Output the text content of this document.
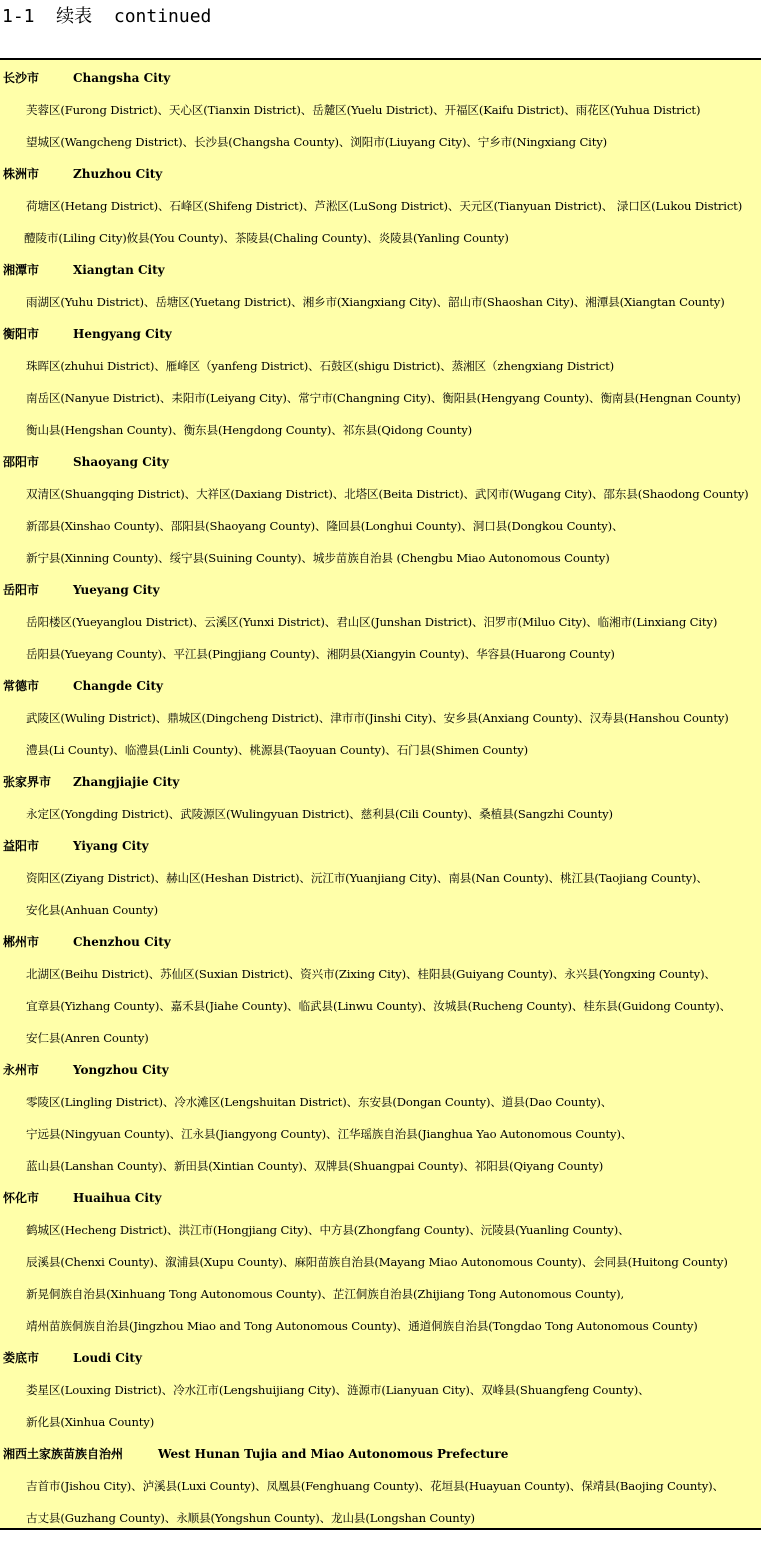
1-1  续表  continued
长沙市	Changsha City
芙蓉区(Furong District)、天心区(Tianxin District)、岳麓区(Yuelu District)、开福区(Kaifu District)、雨花区(Yuhua District)
望城区(Wangcheng District)、长沙县(Changsha County)、浏阳市(Liuyang City)、宁乡市(Ningxiang City)
株洲市	Zhuzhou City
荷塘区(Hetang District)、石峰区(Shifeng District)、芦淞区(LuSong District)、天元区(Tianyuan District)、 渌口区(Lukou District)
醴陵市(Liling City)攸县(You County)、茶陵县(Chaling County)、炎陵县(Yanling County)
湘潭市	Xiangtan City
雨湖区(Yuhu District)、岳塘区(Yuetang District)、湘乡市(Xiangxiang City)、韶山市(Shaoshan City)、湘潭县(Xiangtan County)
衡阳市	Hengyang City
珠晖区(zhuhui District)、雁峰区（yanfeng District)、石鼓区(shigu District)、蒸湘区（zhengxiang District)
南岳区(Nanyue District)、耒阳市(Leiyang City)、常宁市(Changning City)、衡阳县(Hengyang County)、衡南县(Hengnan County)
衡山县(Hengshan County)、衡东县(Hengdong County)、祁东县(Qidong County)
邵阳市	Shaoyang City
双清区(Shuangqing District)、大祥区(Daxiang District)、北塔区(Beita District)、武冈市(Wugang City)、邵东县(Shaodong County)
新邵县(Xinshao County)、邵阳县(Shaoyang County)、隆回县(Longhui County)、洞口县(Dongkou County)、
新宁县(Xinning County)、绥宁县(Suining County)、城步苗族自治县 (Chengbu Miao Autonomous County)
岳阳市	Yueyang City
岳阳楼区(Yueyanglou District)、云溪区(Yunxi District)、君山区(Junshan District)、汨罗市(Miluo City)、临湘市(Linxiang City)
岳阳县(Yueyang County)、平江县(Pingjiang County)、湘阴县(Xiangyin County)、华容县(Huarong County)
常德市	Changde City
武陵区(Wuling District)、鼎城区(Dingcheng District)、津市市(Jinshi City)、安乡县(Anxiang County)、汉寿县(Hanshou County)
澧县(Li County)、临澧县(Linli County)、桃源县(Taoyuan County)、石门县(Shimen County)
张家界市 Zhangjiajie City
永定区(Yongding District)、武陵源区(Wulingyuan District)、慈利县(Cili County)、桑植县(Sangzhi County)
益阳市	Yiyang City
资阳区(Ziyang District)、赫山区(Heshan District)、沅江市(Yuanjiang City)、南县(Nan County)、桃江县(Taojiang County)、
安化县(Anhuan County)
郴州市	Chenzhou City
北湖区(Beihu District)、苏仙区(Suxian District)、资兴市(Zixing City)、桂阳县(Guiyang County)、永兴县(Yongxing County)、
宜章县(Yizhang County)、嘉禾县(Jiahe County)、临武县(Linwu County)、汝城县(Rucheng County)、桂东县(Guidong County)、
安仁县(Anren County)
永州市	Yongzhou City
零陵区(Lingling District)、冷水滩区(Lengshuitan District)、东安县(Dongan County)、道县(Dao County)、
宁远县(Ningyuan County)、江永县(Jiangyong County)、江华瑶族自治县(Jianghua Yao Autonomous County)、
蓝山县(Lanshan County)、新田县(Xintian County)、双牌县(Shuangpai County)、祁阳县(Qiyang County)
怀化市	Huaihua City
鹤城区(Hecheng District)、洪江市(Hongjiang City)、中方县(Zhongfang County)、沅陵县(Yuanling County)、
辰溪县(Chenxi County)、溆浦县(Xupu County)、麻阳苗族自治县(Mayang Miao Autonomous County)、会同县(Huitong County)
新晃侗族自治县(Xinhuang Tong Autonomous County)、芷江侗族自治县(Zhijiang Tong Autonomous County),
靖州苗族侗族自治县(Jingzhou Miao and Tong Autonomous County)、通道侗族自治县(Tongdao Tong Autonomous County)
娄底市	Loudi City
娄星区(Louxing District)、冷水江市(Lengshuijiang City)、涟源市(Lianyuan City)、双峰县(Shuangfeng County)、
新化县(Xinhua County)
湘西土家族苗族自治州	West Hunan Tujia and Miao Autonomous Prefecture
吉首市(Jishou City)、泸溪县(Luxi County)、凤凰县(Fenghuang County)、花垣县(Huayuan County)、保靖县(Baojing County)、
古丈县(Guzhang County)、永顺县(Yongshun County)、龙山县(Longshan County)
